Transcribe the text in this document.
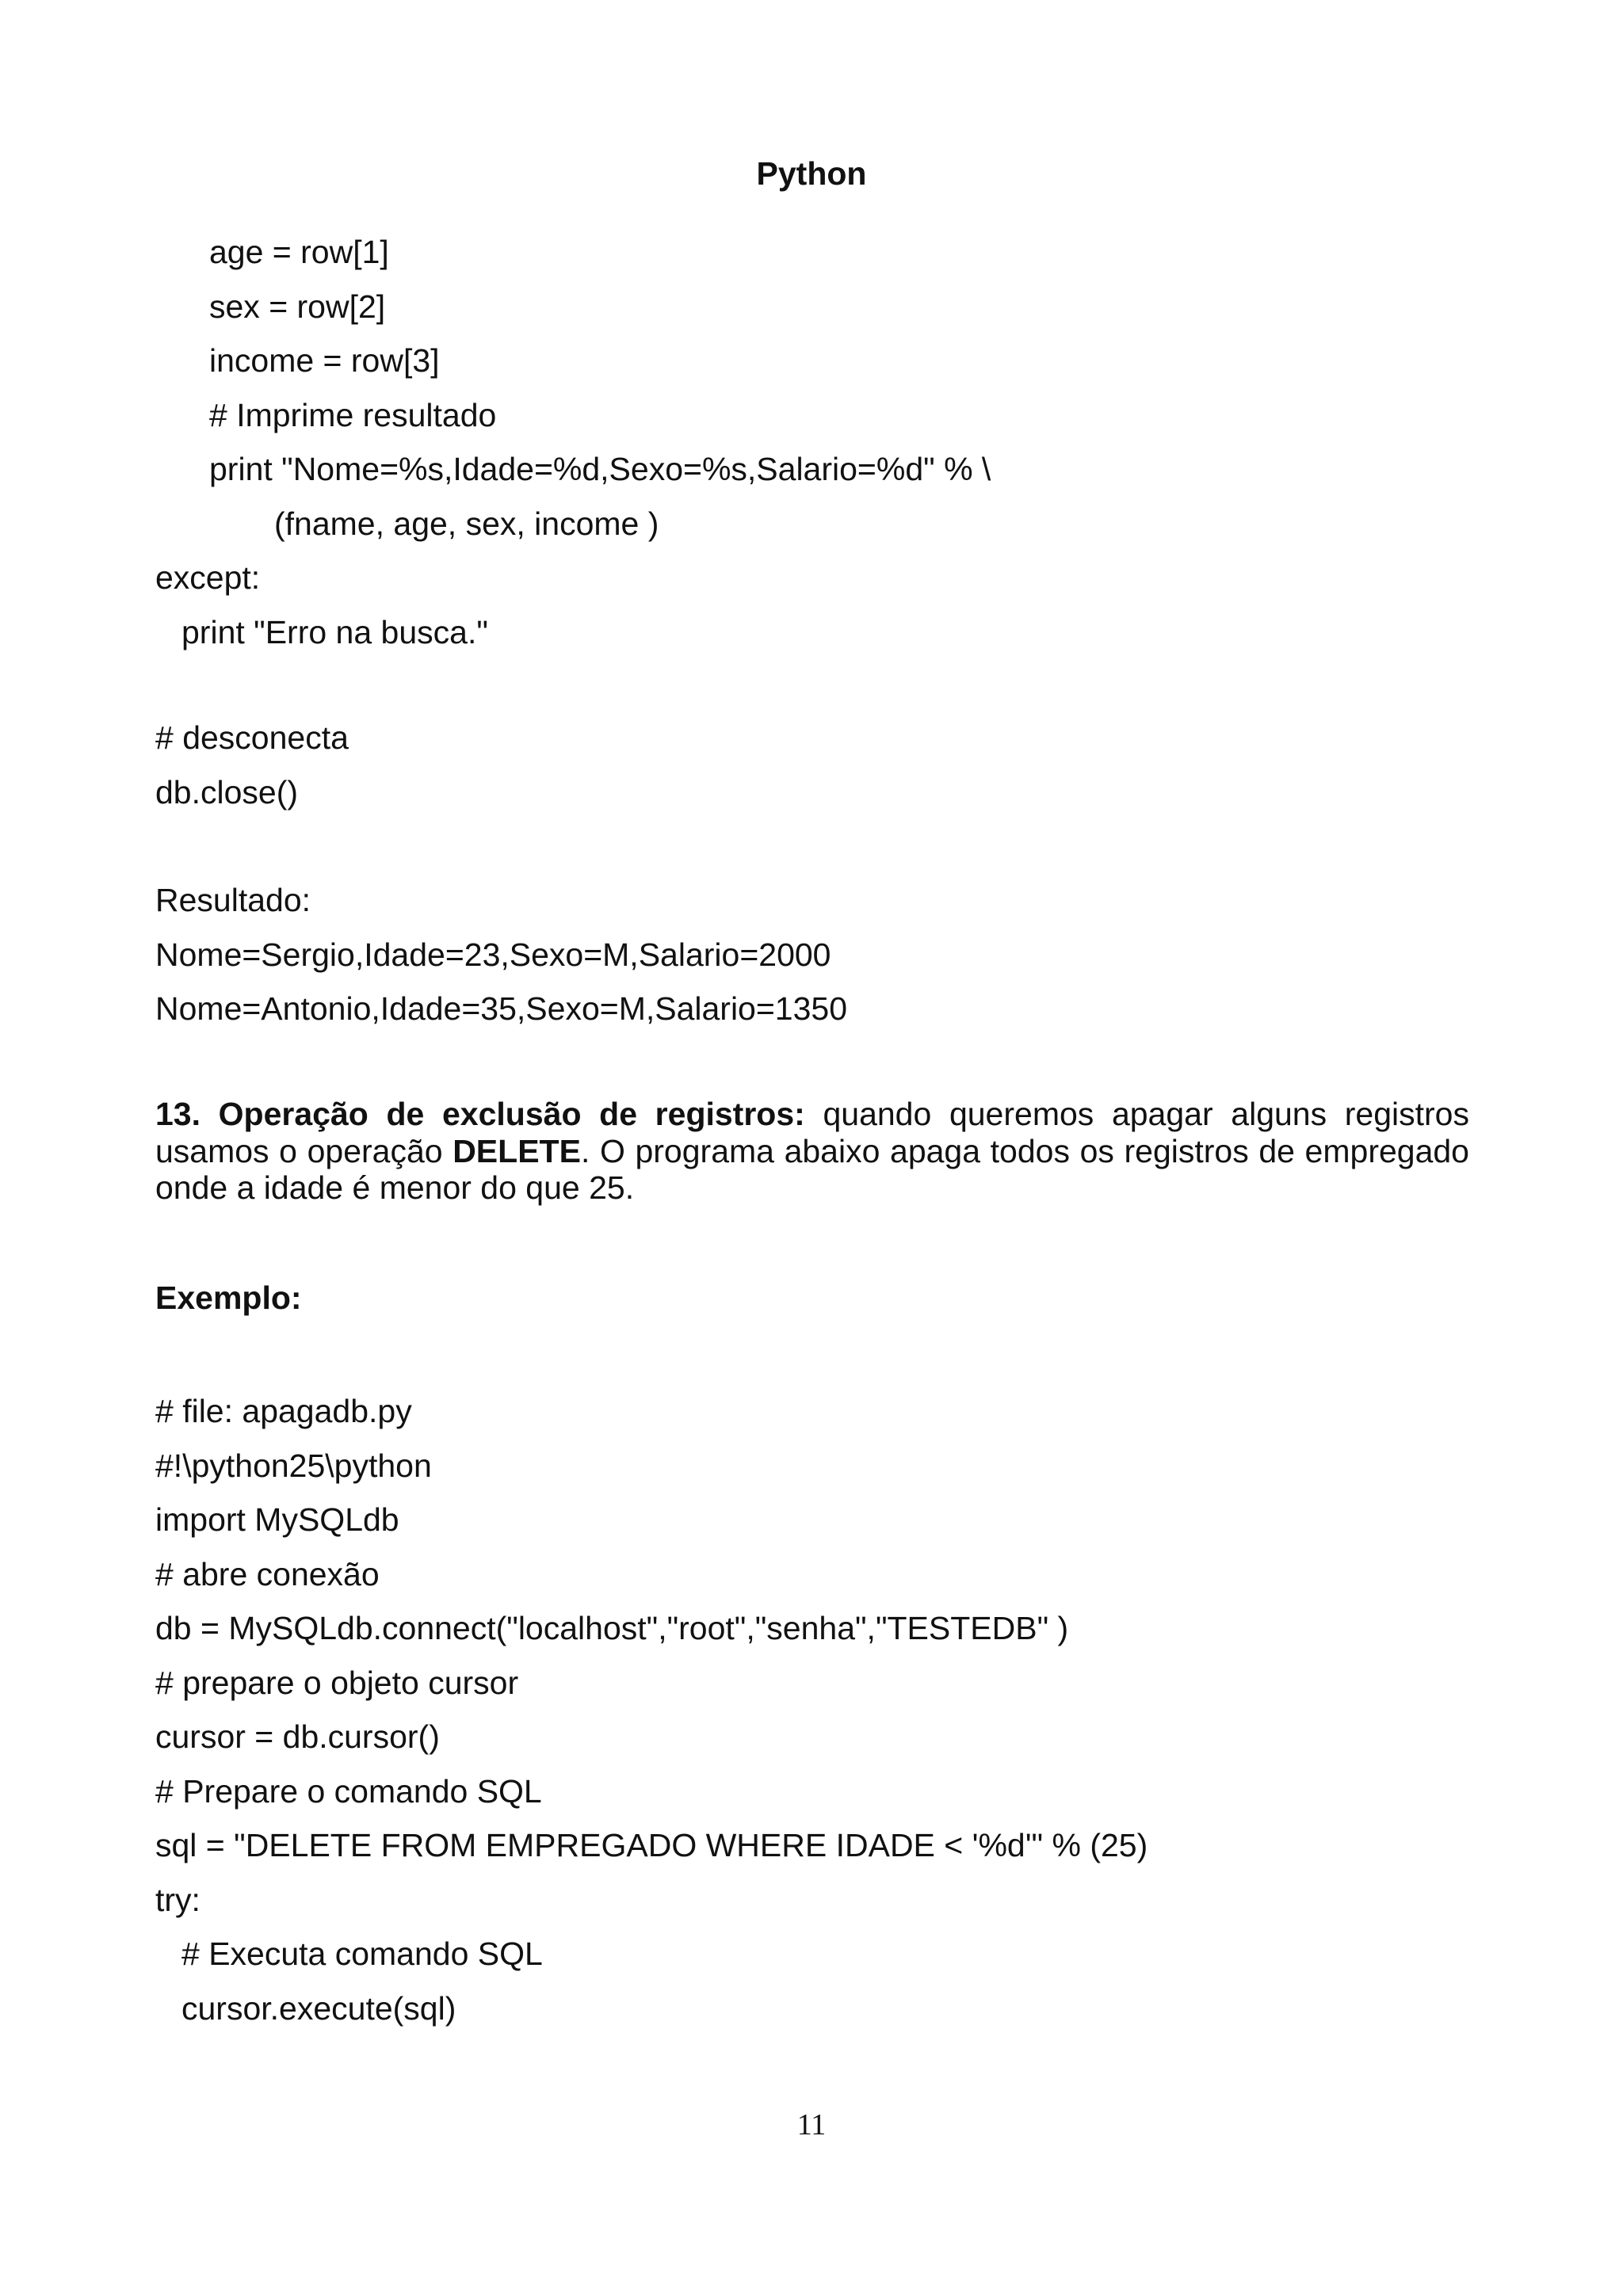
Python
age = row[1]
sex = row[2]
income = row[3]
# Imprime resultado
print "Nome=%s,Idade=%d,Sexo=%s,Salario=%d" % \
(fname, age, sex, income )
except:
print "Erro na busca."
# desconecta
db.close()
Resultado:
Nome=Sergio,Idade=23,Sexo=M,Salario=2000
Nome=Antonio,Idade=35,Sexo=M,Salario=1350
13. Operação de exclusão de registros: quando queremos apagar alguns registros usamos o operação DELETE. O programa abaixo apaga todos os registros de empregado onde a idade é menor do que 25.
Exemplo:
# file: apagadb.py
#!\python25\python
import MySQLdb
# abre conexão
db = MySQLdb.connect("localhost","root","senha","TESTEDB" )
# prepare o objeto cursor
cursor = db.cursor()
# Prepare o comando SQL
sql = "DELETE FROM EMPREGADO WHERE IDADE < '%d'" % (25)
try:
# Executa comando SQL
cursor.execute(sql)
11
